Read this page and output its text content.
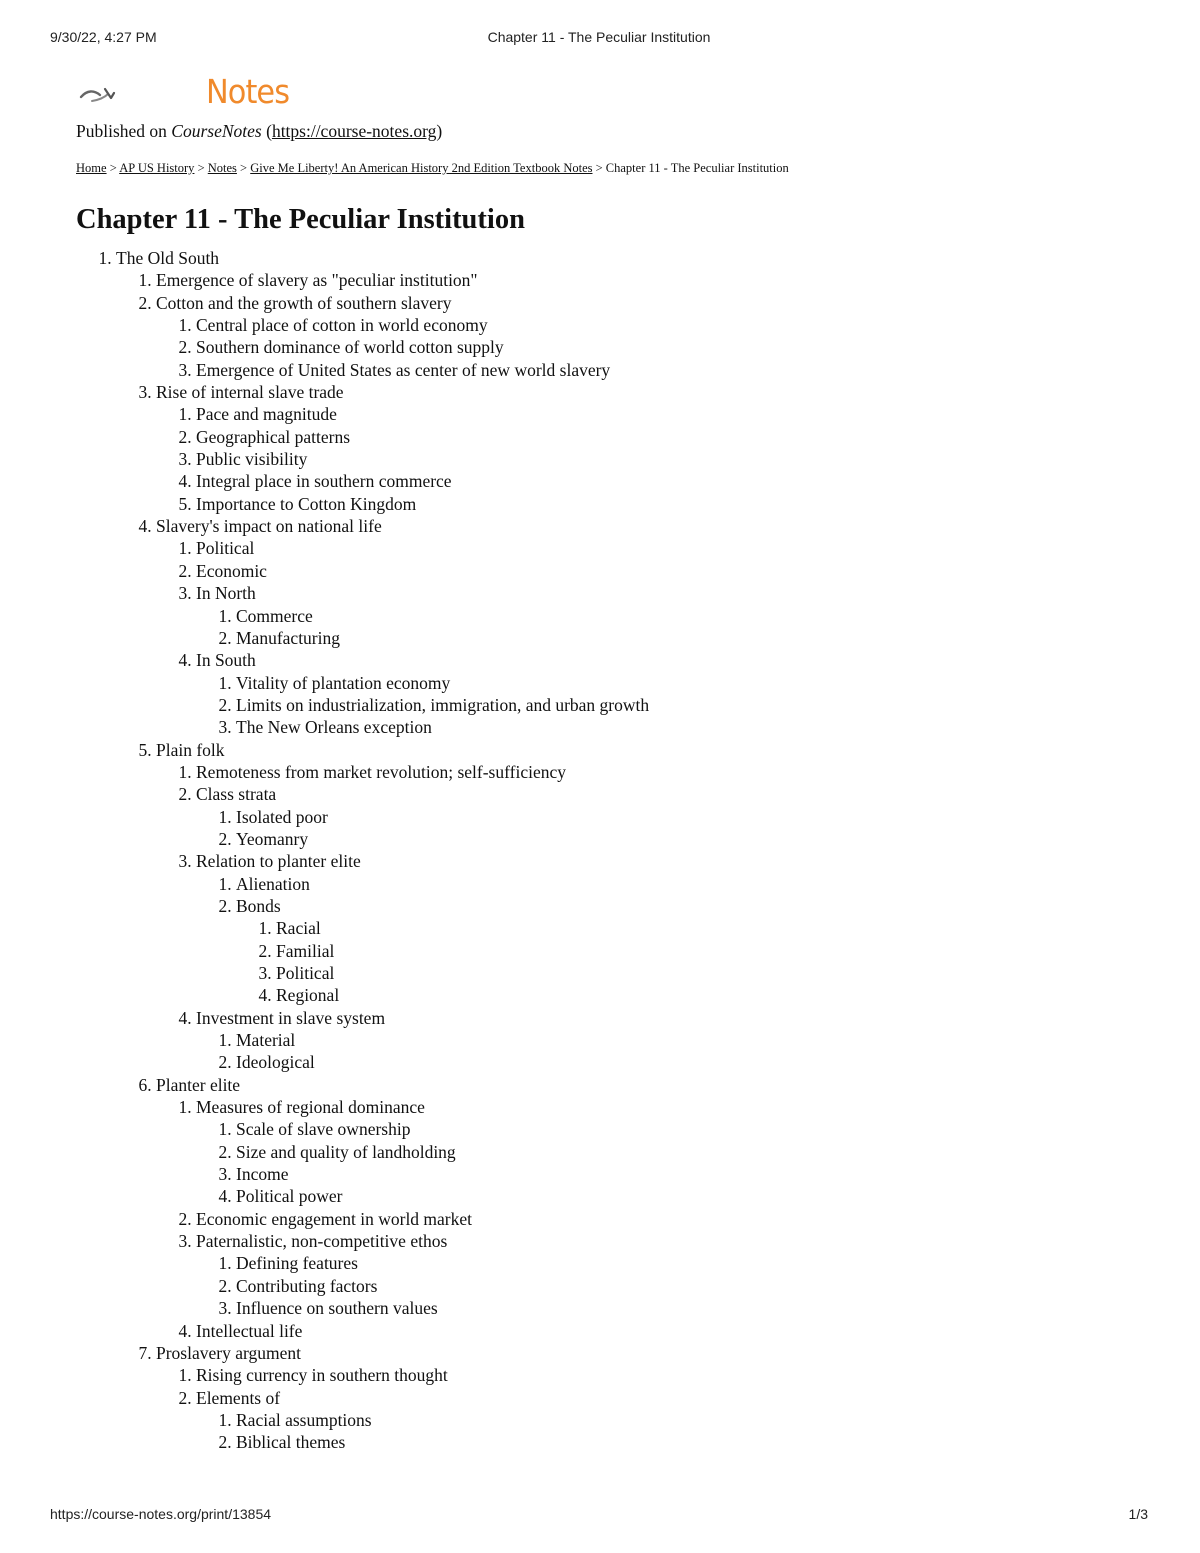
9/30/22, 4:27 PM	Chapter 11 - The Peculiar Institution
Notes

Published on CourseNotes (https://course-notes.org)

Home > AP US History > Notes > Give Me Liberty! An American History 2nd Edition Textbook Notes > Chapter 11 - The Peculiar Institution
Chapter 11 - The Peculiar Institution
1. The Old South
1. Emergence of slavery as "peculiar institution"
2. Cotton and the growth of southern slavery
1. Central place of cotton in world economy
2. Southern dominance of world cotton supply
3. Emergence of United States as center of new world slavery
3. Rise of internal slave trade
1. Pace and magnitude
2. Geographical patterns
3. Public visibility
4. Integral place in southern commerce
5. Importance to Cotton Kingdom
4. Slavery's impact on national life
1. Political
2. Economic
3. In North
1. Commerce
2. Manufacturing
4. In South
1. Vitality of plantation economy
2. Limits on industrialization, immigration, and urban growth
3. The New Orleans exception
5. Plain folk
1. Remoteness from market revolution; self-sufficiency
2. Class strata
1. Isolated poor
2. Yeomanry
3. Relation to planter elite
1. Alienation
2. Bonds
1. Racial
2. Familial
3. Political
4. Regional
4. Investment in slave system
1. Material
2. Ideological
6. Planter elite
1. Measures of regional dominance
1. Scale of slave ownership
2. Size and quality of landholding
3. Income
4. Political power
2. Economic engagement in world market
3. Paternalistic, non-competitive ethos
1. Defining features
2. Contributing factors
3. Influence on southern values
4. Intellectual life
7. Proslavery argument
1. Rising currency in southern thought
2. Elements of
1. Racial assumptions
2. Biblical themes
https://course-notes.org/print/13854	1/3
